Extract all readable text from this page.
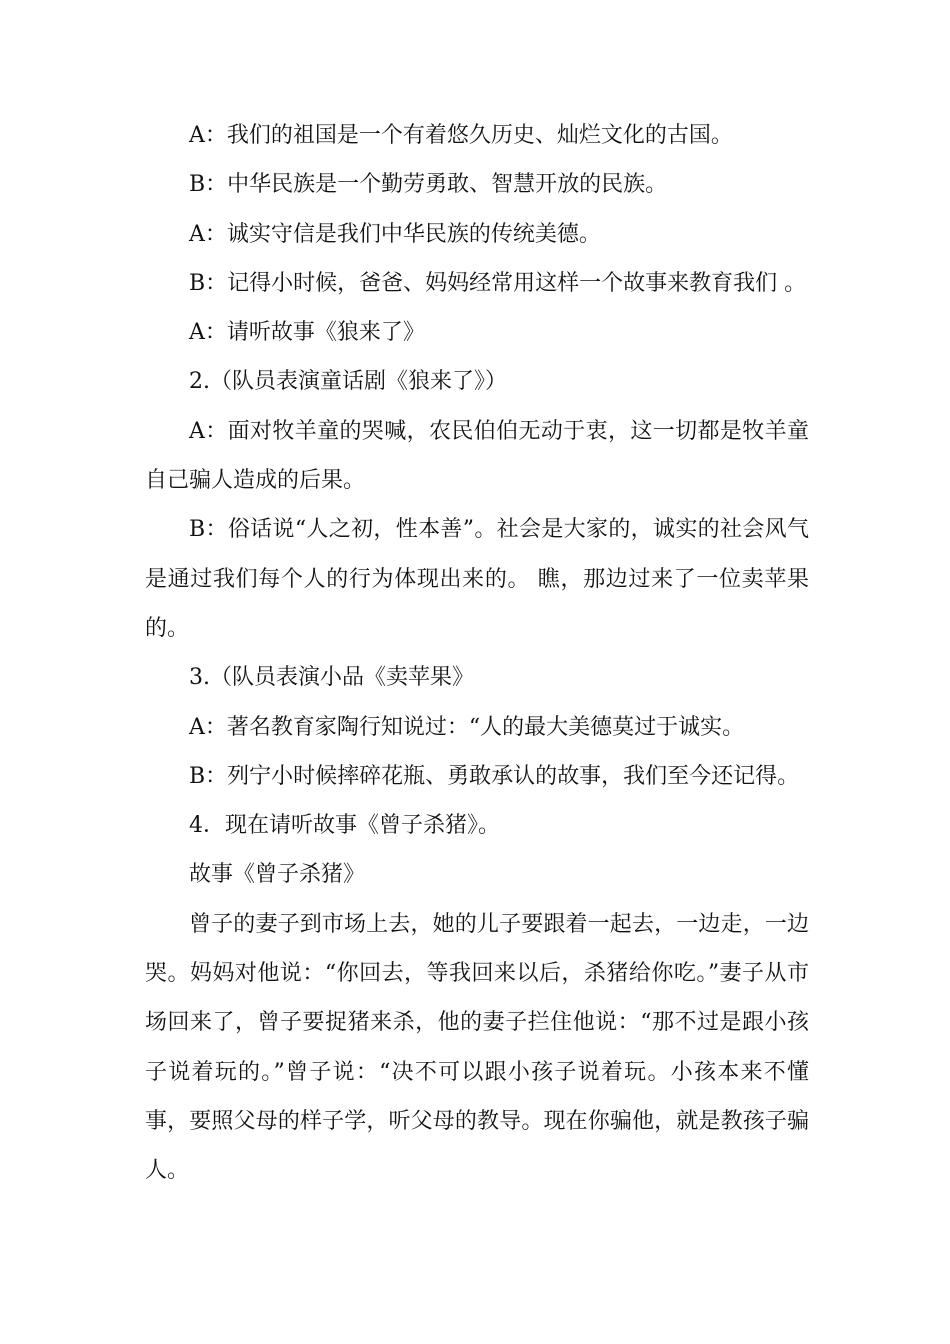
A：我们的祖国是一个有着悠久历史、灿烂文化的古国。

B：中华民族是一个勤劳勇敢、智慧开放的民族。

A：诚实守信是我们中华民族的传统美德。

B：记得小时候，爸爸、妈妈经常用这样一个故事来教育我们 。

A：请听故事《狼来了》

2.（队员表演童话剧《狼来了》）

A：面对牧羊童的哭喊，农民伯伯无动于衷，这一切都是牧羊童自己骗人造成的后果。

B：俗话说“人之初，性本善”。社会是大家的，诚实的社会风气是通过我们每个人的行为体现出来的。 瞧，那边过来了一位卖苹果的。

3.（队员表演小品《卖苹果》

A：著名教育家陶行知说过：“人的最大美德莫过于诚实。

B：列宁小时候摔碎花瓶、勇敢承认的故事，我们至今还记得。

4．现在请听故事《曾子杀猪》。

故事《曾子杀猪》

曾子的妻子到市场上去，她的儿子要跟着一起去，一边走，一边哭。妈妈对他说：“你回去，等我回来以后，杀猪给你吃。”妻子从市场回来了，曾子要捉猪来杀，他的妻子拦住他说：“那不过是跟小孩子说着玩的。”曾子说：“决不可以跟小孩子说着玩。小孩本来不懂事，要照父母的样子学，听父母的教导。现在你骗他，就是教孩子骗人。
